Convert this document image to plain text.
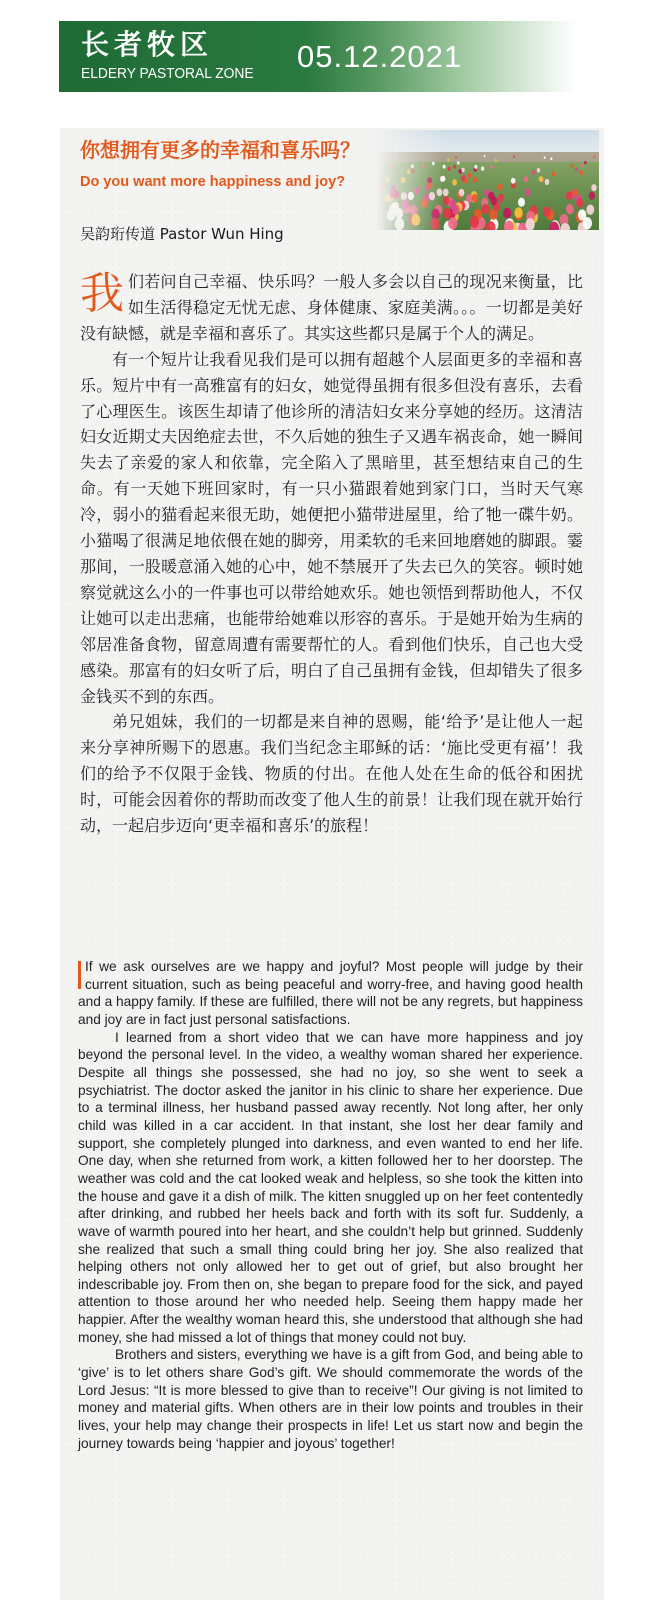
长者牧区
ELDERY PASTORAL ZONE 05.12.2021
你想拥有更多的幸福和喜乐吗？
Do you want more happiness and joy?
吴韵珩传道 Pastor Wun Hing

我们若问自己幸福、快乐吗？一般人多会以自己的现况来衡量，比如生活得稳定无忧无虑、身体健康、家庭美满。。。一切都是美好没有缺憾，就是幸福和喜乐了。其实这些都只是属于个人的满足。

有一个短片让我看见我们是可以拥有超越个人层面更多的幸福和喜乐。短片中有一高雅富有的妇女，她觉得虽拥有很多但没有喜乐，去看了心理医生。该医生却请了他诊所的清洁妇女来分享她的经历。这清洁妇女近期丈夫因绝症去世，不久后她的独生子又遇车祸丧命，她一瞬间失去了亲爱的家人和依靠，完全陷入了黑暗里，甚至想结束自己的生命。有一天她下班回家时，有一只小猫跟着她到家门口，当时天气寒冷，弱小的猫看起来很无助，她便把小猫带进屋里，给了牠一碟牛奶。小猫喝了很满足地依偎在她的脚旁，用柔软的毛来回地磨她的脚跟。霎那间，一股暖意涌入她的心中，她不禁展开了失去已久的笑容。顿时她察觉就这么小的一件事也可以带给她欢乐。她也领悟到帮助他人，不仅让她可以走出悲痛，也能带给她难以形容的喜乐。于是她开始为生病的邻居准备食物，留意周遭有需要帮忙的人。看到他们快乐，自己也大受感染。那富有的妇女听了后，明白了自己虽拥有金钱，但却错失了很多金钱买不到的东西。

弟兄姐妹，我们的一切都是来自神的恩赐，能‘给予’是让他人一起来分享神所赐下的恩惠。我们当纪念主耶稣的话：‘施比受更有福’！我们的给予不仅限于金钱、物质的付出。在他人处在生命的低谷和困扰时，可能会因着你的帮助而改变了他人生的前景！让我们现在就开始行动，一起启步迈向‘更幸福和喜乐’的旅程！

If we ask ourselves are we happy and joyful? Most people will judge by their current situation, such as being peaceful and worry-free, and having good health and a happy family. If these are fulfilled, there will not be any regrets, but happiness and joy are in fact just personal satisfactions.

I learned from a short video that we can have more happiness and joy beyond the personal level. In the video, a wealthy woman shared her experience. Despite all things she possessed, she had no joy, so she went to seek a psychiatrist. The doctor asked the janitor in his clinic to share her experience. Due to a terminal illness, her husband passed away recently. Not long after, her only child was killed in a car accident. In that instant, she lost her dear family and support, she completely plunged into darkness, and even wanted to end her life. One day, when she returned from work, a kitten followed her to her doorstep. The weather was cold and the cat looked weak and helpless, so she took the kitten into the house and gave it a dish of milk. The kitten snuggled up on her feet contentedly after drinking, and rubbed her heels back and forth with its soft fur. Suddenly, a wave of warmth poured into her heart, and she couldn’t help but grinned. Suddenly she realized that such a small thing could bring her joy. She also realized that helping others not only allowed her to get out of grief, but also brought her indescribable joy. From then on, she began to prepare food for the sick, and payed attention to those around her who needed help. Seeing them happy made her happier. After the wealthy woman heard this, she understood that although she had money, she had missed a lot of things that money could not buy.

Brothers and sisters, everything we have is a gift from God, and being able to ‘give’ is to let others share God’s gift. We should commemorate the words of the Lord Jesus: “It is more blessed to give than to receive”! Our giving is not limited to money and material gifts. When others are in their low points and troubles in their lives, your help may change their prospects in life! Let us start now and begin the journey towards being ‘happier and joyous’ together!
